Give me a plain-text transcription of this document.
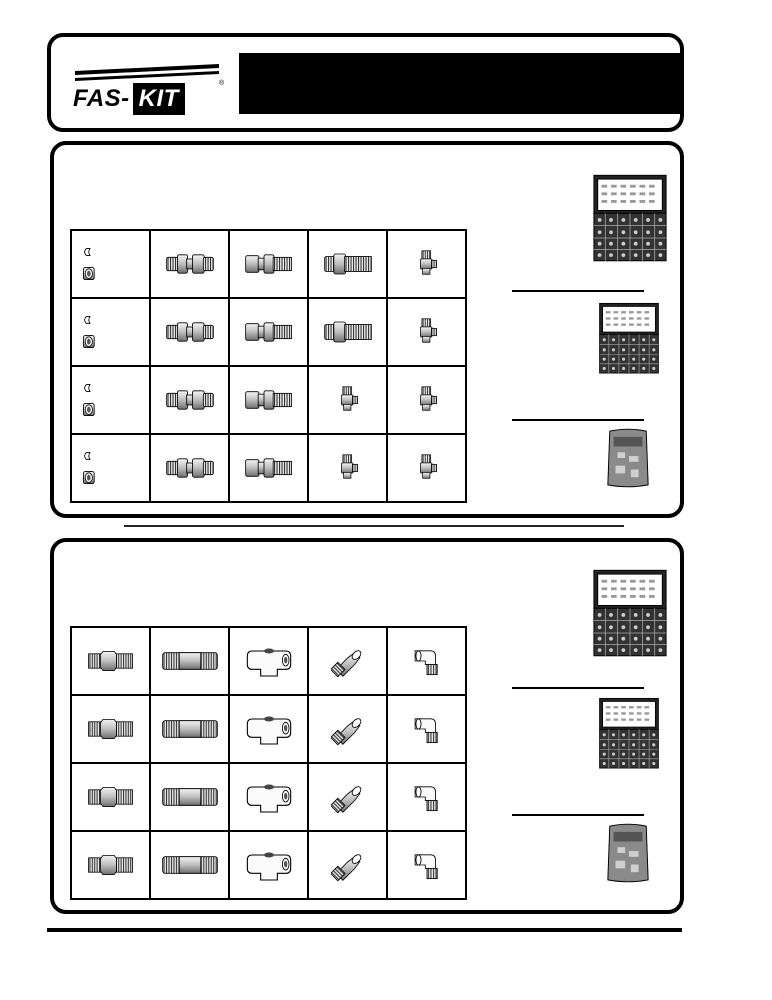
FAS- KIT
®
